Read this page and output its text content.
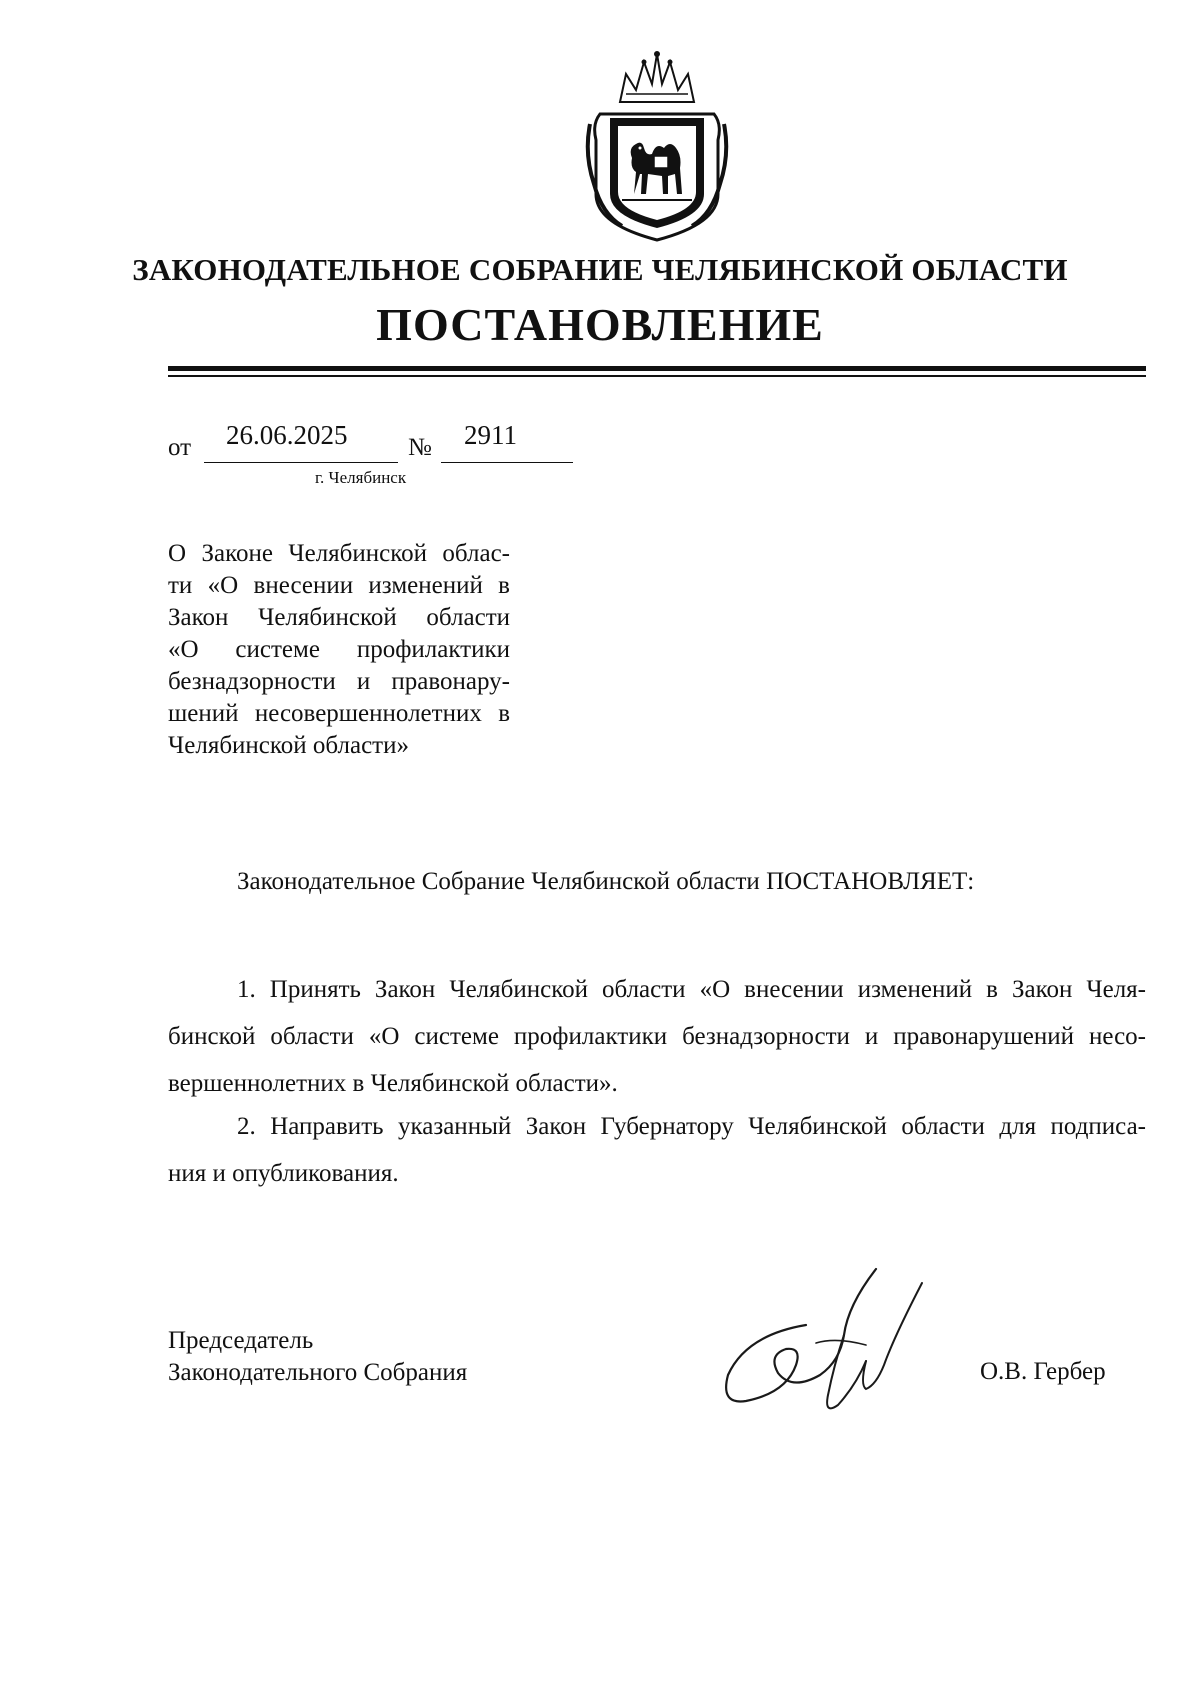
ЗАКОНОДАТЕЛЬНОЕ СОБРАНИЕ ЧЕЛЯБИНСКОЙ ОБЛАСТИ
ПОСТАНОВЛЕНИЕ
от 26.06.2025 № 2911
г. Челябинск

О Законе Челябинской облас-

ти «О внесении изменений в

Закон Челябинской области

«О системе профилактики

безнадзорности и правонару-

шений несовершеннолетних в

Челябинской области»

Законодательное Собрание Челябинской области ПОСТАНОВЛЯЕТ:
1. Принять Закон Челябинской области «О внесении изменений в Закон Челя-
бинской области «О системе профилактики безнадзорности и правонарушений несо-
вершеннолетних в Челябинской области».
2. Направить указанный Закон Губернатору Челябинской области для подписа-
ния и опубликования.
Председатель
Законодательного Собрания	О.В. Гербер
